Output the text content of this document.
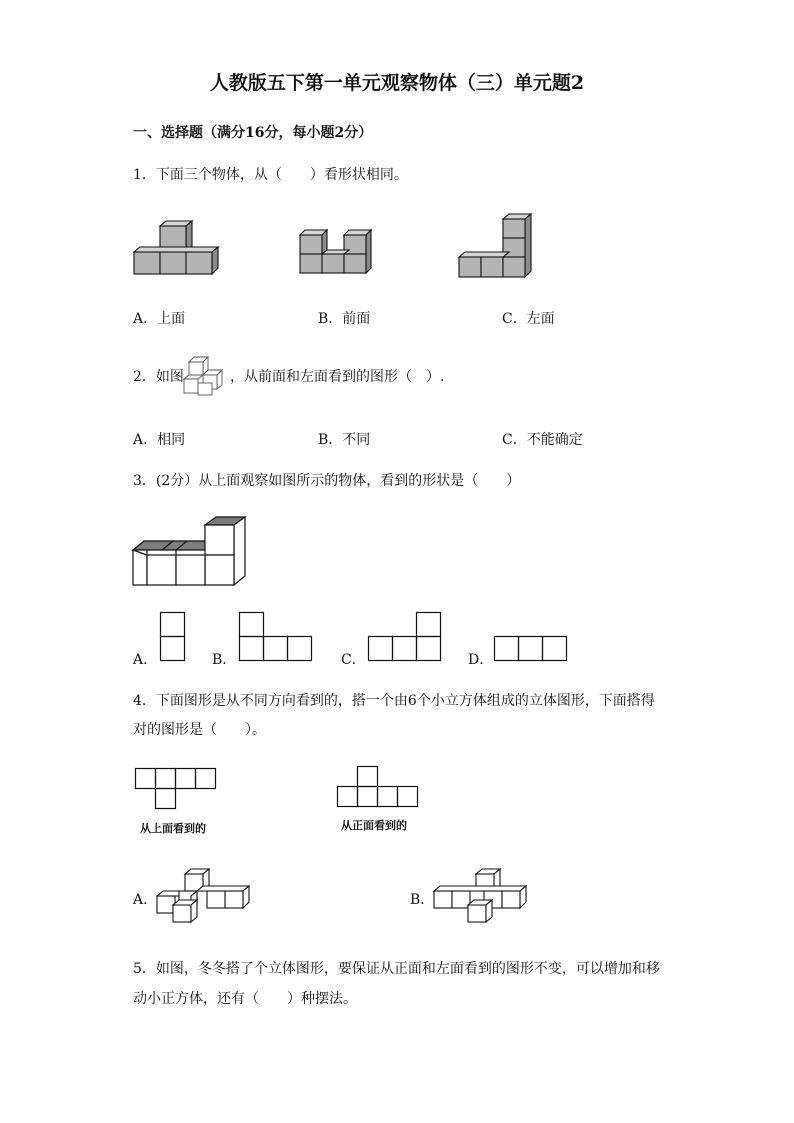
人教版五下第一单元观察物体（三）单元题2
一、选择题（满分16分，每小题2分）
1．下面三个物体，从（　　）看形状相同。
A．上面	B．前面	C．左面
2．如图	，从前面和左面看到的图形（　）.
A．相同	B．不同	C．不能确定
3．(2分）从上面观察如图所示的物体，看到的形状是（　　）
A．	B．	C．	D．
4．下面图形是从不同方向看到的，搭一个由6个小立方体组成的立体图形，下面搭得
对的图形是（　　）。
从上面看到的	从正面看到的
A．	B．
5．如图，冬冬搭了个立体图形，要保证从正面和左面看到的图形不变，可以增加和移
动小正方体，还有（　　）种摆法。
